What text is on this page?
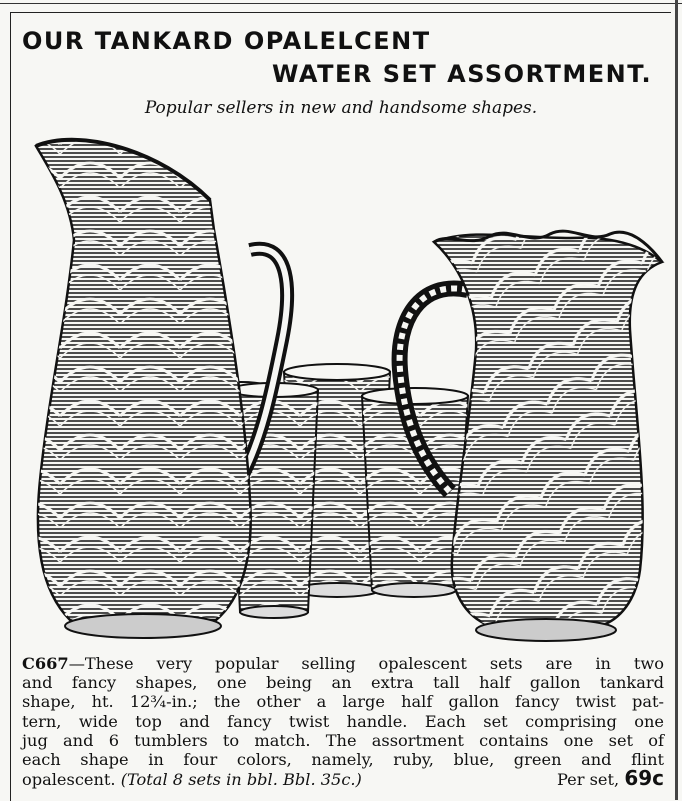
OUR TANKARD OPALELCENT
WATER SET ASSORTMENT.
Popular sellers in new and handsome shapes.
C667—These very popular selling opalescent sets are in two
and fancy shapes, one being an extra tall half gallon tankard
shape, ht. 12¾-in.; the other a large half gallon fancy twist pat-
tern, wide top and fancy twist handle. Each set comprising one
jug and 6 tumblers to match. The assortment contains one set of
each shape in four colors, namely, ruby, blue, green and flint
opalescent. (Total 8 sets in bbl. Bbl. 35c.)	Per set, 69c
